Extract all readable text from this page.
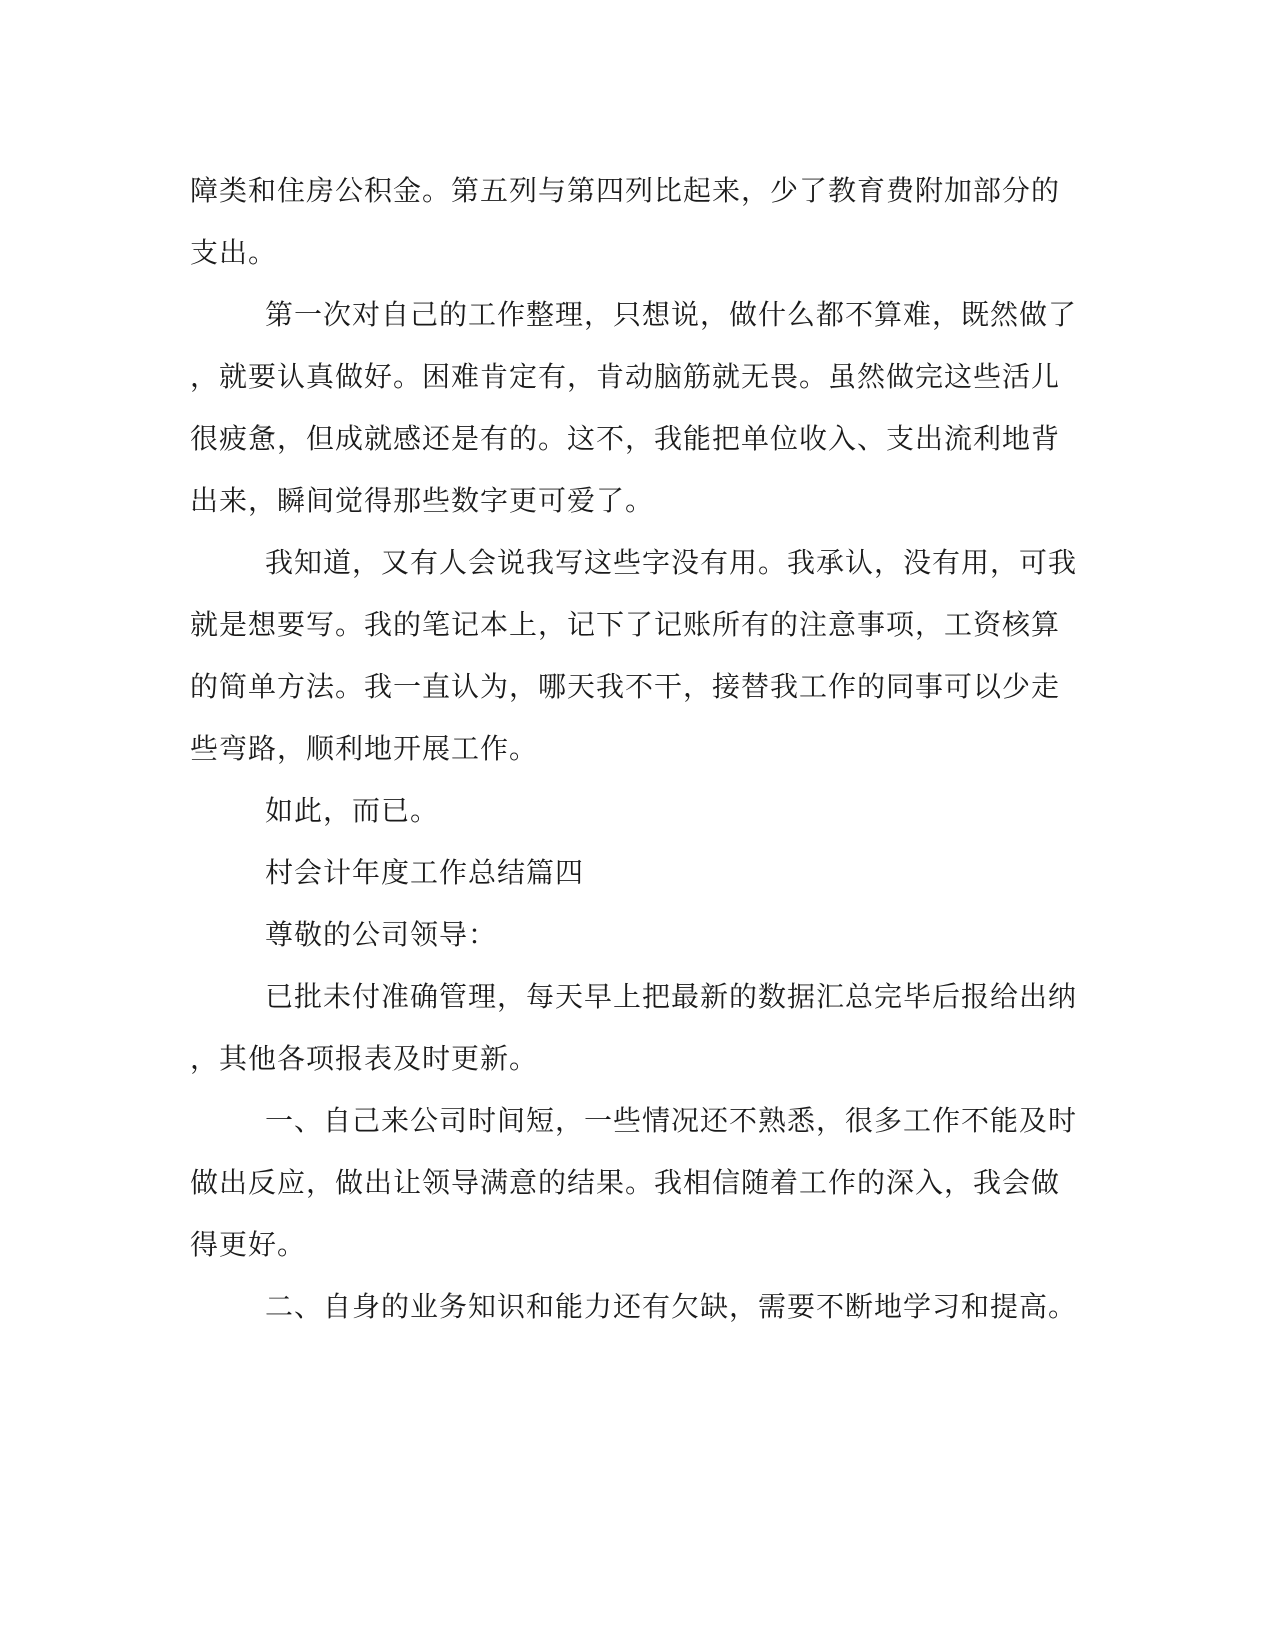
障类和住房公积金。第五列与第四列比起来，少了教育费附加部分的
支出。
第一次对自己的工作整理，只想说，做什么都不算难，既然做了
，就要认真做好。困难肯定有，肯动脑筋就无畏。虽然做完这些活儿
很疲惫，但成就感还是有的。这不，我能把单位收入、支出流利地背
出来，瞬间觉得那些数字更可爱了。
我知道，又有人会说我写这些字没有用。我承认，没有用，可我
就是想要写。我的笔记本上，记下了记账所有的注意事项，工资核算
的简单方法。我一直认为，哪天我不干，接替我工作的同事可以少走
些弯路，顺利地开展工作。
如此，而已。
村会计年度工作总结篇四
尊敬的公司领导：
已批未付准确管理，每天早上把最新的数据汇总完毕后报给出纳
，其他各项报表及时更新。
一、自己来公司时间短，一些情况还不熟悉，很多工作不能及时
做出反应，做出让领导满意的结果。我相信随着工作的深入，我会做
得更好。
二、自身的业务知识和能力还有欠缺，需要不断地学习和提高。
